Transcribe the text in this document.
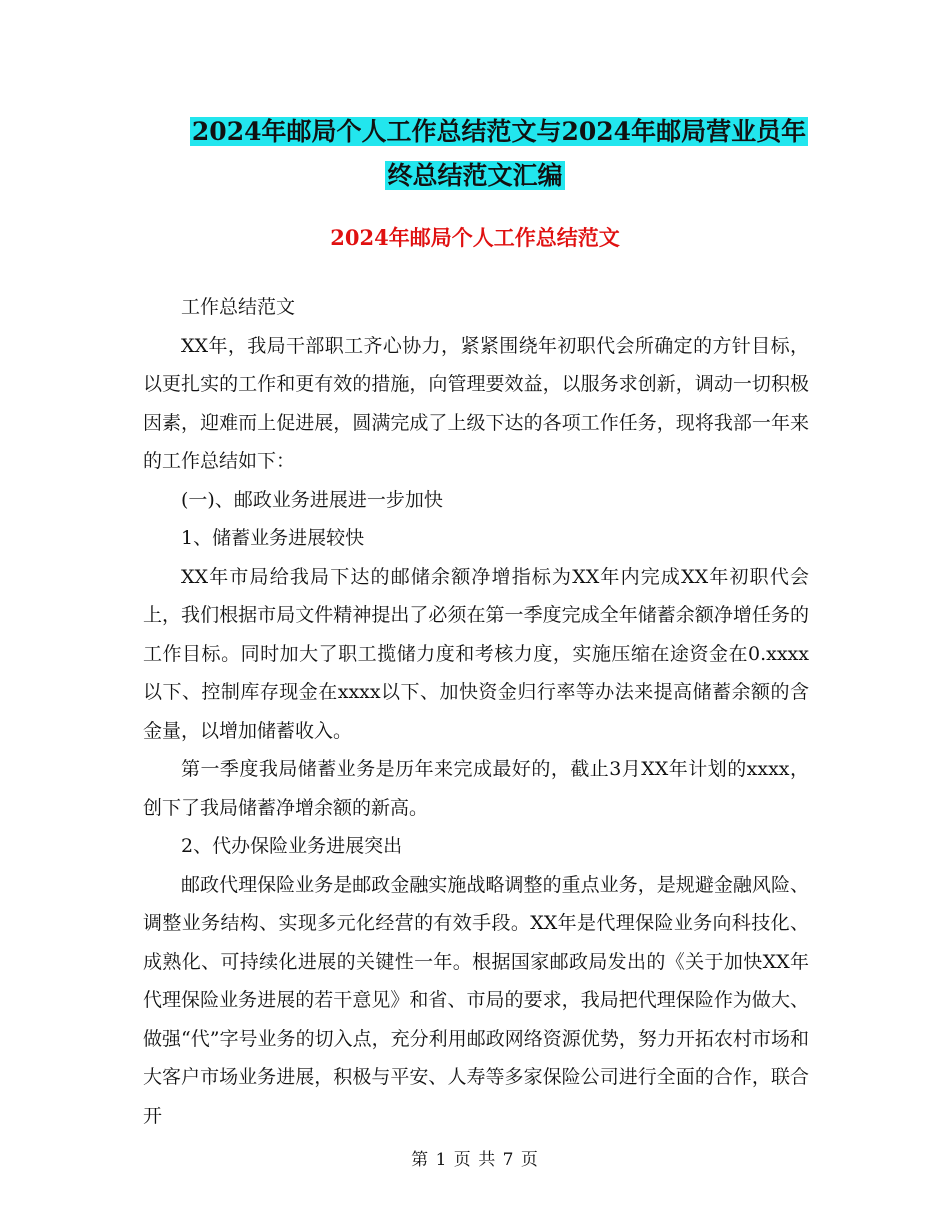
2024年邮局个人工作总结范文与2024年邮局营业员年
终总结范文汇编
2024年邮局个人工作总结范文

工作总结范文

XX年，我局干部职工齐心协力，紧紧围绕年初职代会所确定的方针目标，以更扎实的工作和更有效的措施，向管理要效益，以服务求创新，调动一切积极因素，迎难而上促进展，圆满完成了上级下达的各项工作任务，现将我部一年来的工作总结如下：

(一)、邮政业务进展进一步加快

1、储蓄业务进展较快

XX年市局给我局下达的邮储余额净增指标为XX年内完成XX年初职代会上，我们根据市局文件精神提出了必须在第一季度完成全年储蓄余额净增任务的工作目标。同时加大了职工揽储力度和考核力度，实施压缩在途资金在0.xxxx以下、控制库存现金在xxxx以下、加快资金归行率等办法来提高储蓄余额的含金量，以增加储蓄收入。

第一季度我局储蓄业务是历年来完成最好的，截止3月XX年计划的xxxx，创下了我局储蓄净增余额的新高。

2、代办保险业务进展突出

邮政代理保险业务是邮政金融实施战略调整的重点业务，是规避金融风险、调整业务结构、实现多元化经营的有效手段。XX年是代理保险业务向科技化、成熟化、可持续化进展的关键性一年。根据国家邮政局发出的《关于加快XX年代理保险业务进展的若干意见》和省、市局的要求，我局把代理保险作为做大、做强“代”字号业务的切入点，充分利用邮政网络资源优势，努力开拓农村市场和大客户市场业务进展，积极与平安、人寿等多家保险公司进行全面的合作，联合开

第 1 页 共 7 页
